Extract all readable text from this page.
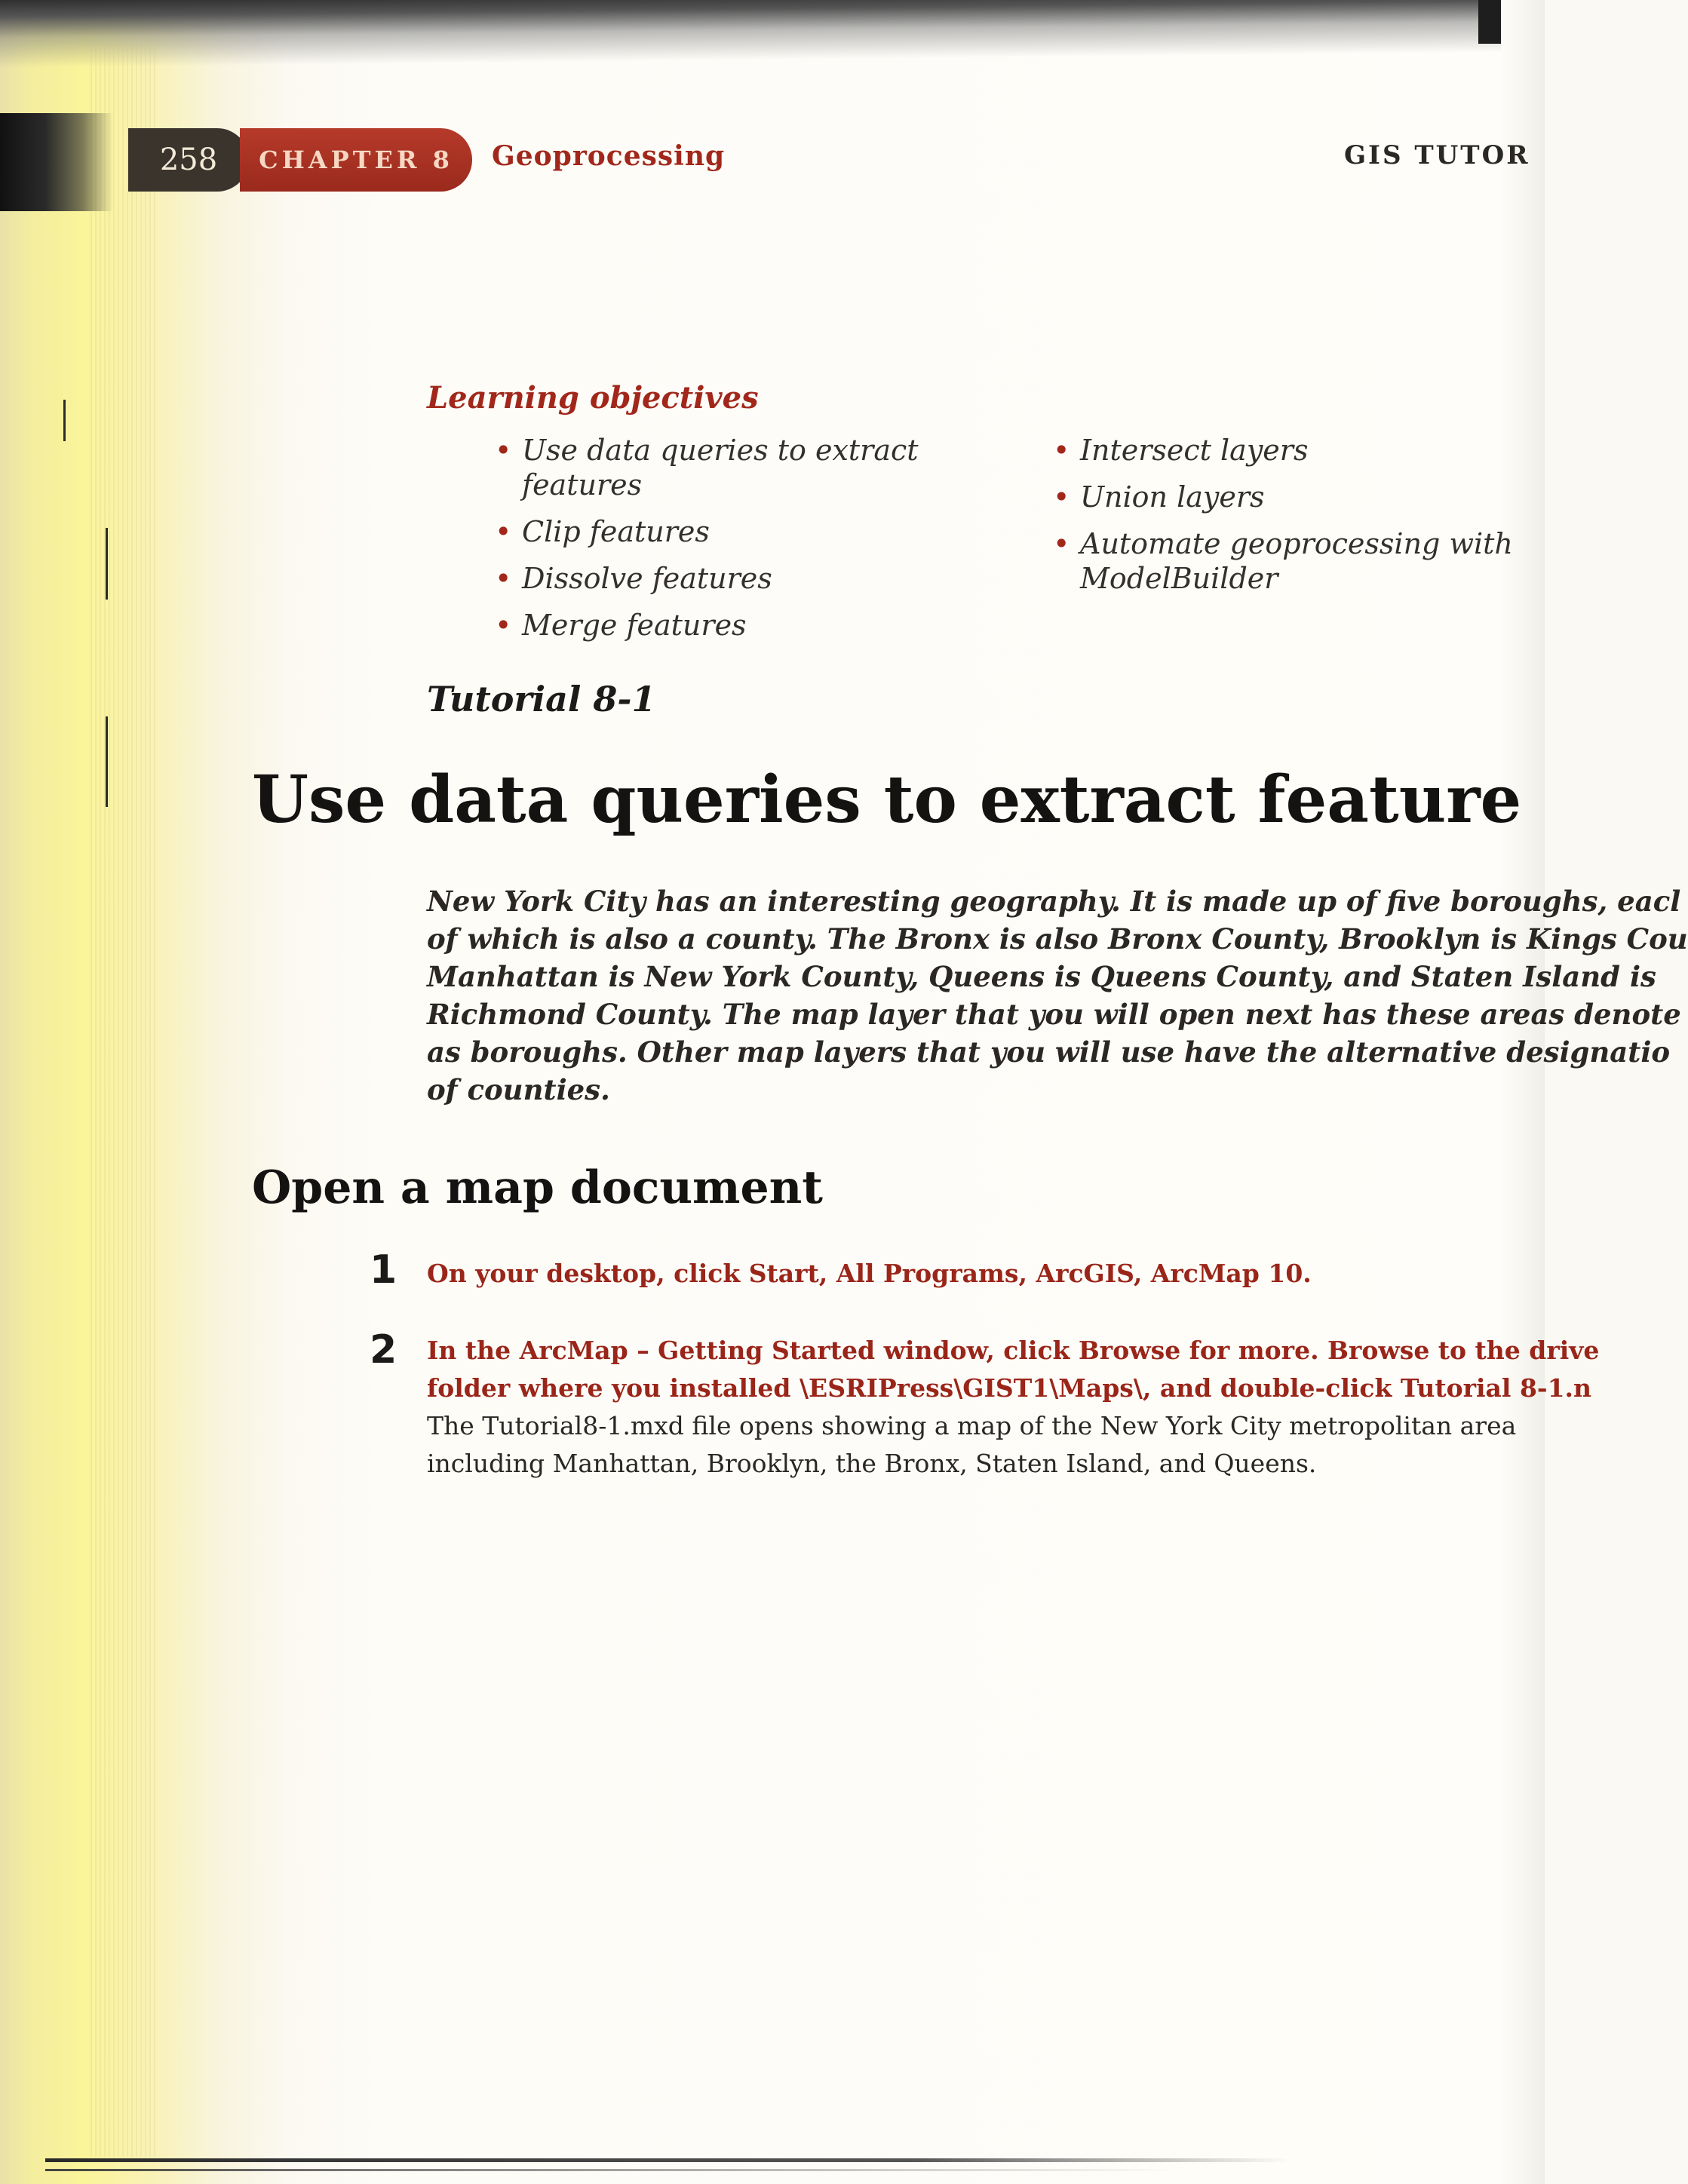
258	CHAPTER 8	Geoprocessing	GIS TUTOR
Learning objectives
• Use data queries to extract features
• Clip features
• Dissolve features
• Merge features
• Intersect layers
• Union layers
• Automate geoprocessing with
ModelBuilder
Tutorial 8-1
Use data queries to extract feature
New York City has an interesting geography. It is made up of five boroughs, eacl
of which is also a county. The Bronx is also Bronx County, Brooklyn is Kings Cou
Manhattan is New York County, Queens is Queens County, and Staten Island is
Richmond County. The map layer that you will open next has these areas denote
as boroughs. Other map layers that you will use have the alternative designatio
of counties.
Open a map document
1 On your desktop, click Start, All Programs, ArcGIS, ArcMap 10.
2 In the ArcMap – Getting Started window, click Browse for more. Browse to the drive
folder where you installed \ESRIPress\GIST1\Maps\, and double-click Tutorial 8-1.n
The Tutorial8-1.mxd file opens showing a map of the New York City metropolitan area
including Manhattan, Brooklyn, the Bronx, Staten Island, and Queens.
